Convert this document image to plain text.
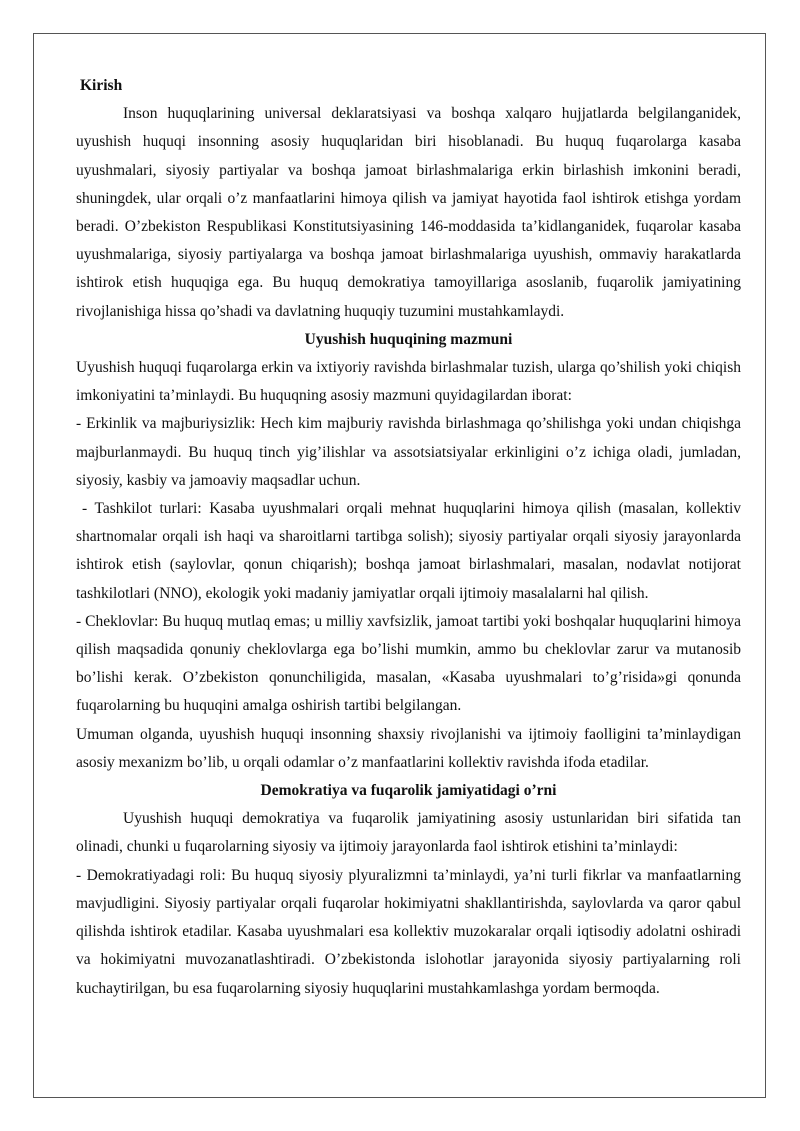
Kirish

Inson huquqlarining universal deklaratsiyasi va boshqa xalqaro hujjatlarda belgilanganidek, uyushish huquqi insonning asosiy huquqlaridan biri hisoblanadi. Bu huquq fuqarolarga kasaba uyushmalari, siyosiy partiyalar va boshqa jamoat birlashmalariga erkin birlashish imkonini beradi, shuningdek, ular orqali o’z manfaatlarini himoya qilish va jamiyat hayotida faol ishtirok etishga yordam beradi. O’zbekiston Respublikasi Konstitutsiyasining 146-moddasida ta’kidlanganidek, fuqarolar kasaba uyushmalariga, siyosiy partiyalarga va boshqa jamoat birlashmalariga uyushish, ommaviy harakatlarda ishtirok etish huquqiga ega. Bu huquq demokratiya tamoyillariga asoslanib, fuqarolik jamiyatining rivojlanishiga hissa qo’shadi va davlatning huquqiy tuzumini mustahkamlaydi.

Uyushish huquqining mazmuni

Uyushish huquqi fuqarolarga erkin va ixtiyoriy ravishda birlashmalar tuzish, ularga qo’shilish yoki chiqish imkoniyatini ta’minlaydi. Bu huquqning asosiy mazmuni quyidagilardan iborat:

- Erkinlik va majburiysizlik: Hech kim majburiy ravishda birlashmaga qo’shilishga yoki undan chiqishga majburlanmaydi. Bu huquq tinch yig’ilishlar va assotsiatsiyalar erkinligini o’z ichiga oladi, jumladan, siyosiy, kasbiy va jamoaviy maqsadlar uchun.

- Tashkilot turlari: Kasaba uyushmalari orqali mehnat huquqlarini himoya qilish (masalan, kollektiv shartnomalar orqali ish haqi va sharoitlarni tartibga solish); siyosiy partiyalar orqali siyosiy jarayonlarda ishtirok etish (saylovlar, qonun chiqarish); boshqa jamoat birlashmalari, masalan, nodavlat notijorat tashkilotlari (NNO), ekologik yoki madaniy jamiyatlar orqali ijtimoiy masalalarni hal qilish.

- Cheklovlar: Bu huquq mutlaq emas; u milliy xavfsizlik, jamoat tartibi yoki boshqalar huquqlarini himoya qilish maqsadida qonuniy cheklovlarga ega bo’lishi mumkin, ammo bu cheklovlar zarur va mutanosib bo’lishi kerak. O’zbekiston qonunchiligida, masalan, «Kasaba uyushmalari to’g’risida»gi qonunda fuqarolarning bu huquqini amalga oshirish tartibi belgilangan.

Umuman olganda, uyushish huquqi insonning shaxsiy rivojlanishi va ijtimoiy faolligini ta’minlaydigan asosiy mexanizm bo’lib, u orqali odamlar o’z manfaatlarini kollektiv ravishda ifoda etadilar.

Demokratiya va fuqarolik jamiyatidagi o’rni

Uyushish huquqi demokratiya va fuqarolik jamiyatining asosiy ustunlaridan biri sifatida tan olinadi, chunki u fuqarolarning siyosiy va ijtimoiy jarayonlarda faol ishtirok etishini ta’minlaydi:

- Demokratiyadagi roli: Bu huquq siyosiy plyuralizmni ta’minlaydi, ya’ni turli fikrlar va manfaatlarning mavjudligini. Siyosiy partiyalar orqali fuqarolar hokimiyatni shakllantirishda, saylovlarda va qaror qabul qilishda ishtirok etadilar. Kasaba uyushmalari esa kollektiv muzokaralar orqali iqtisodiy adolatni oshiradi va hokimiyatni muvozanatlashtiradi. O’zbekistonda islohotlar jarayonida siyosiy partiyalarning roli kuchaytirilgan, bu esa fuqarolarning siyosiy huquqlarini mustahkamlashga yordam bermoqda.
